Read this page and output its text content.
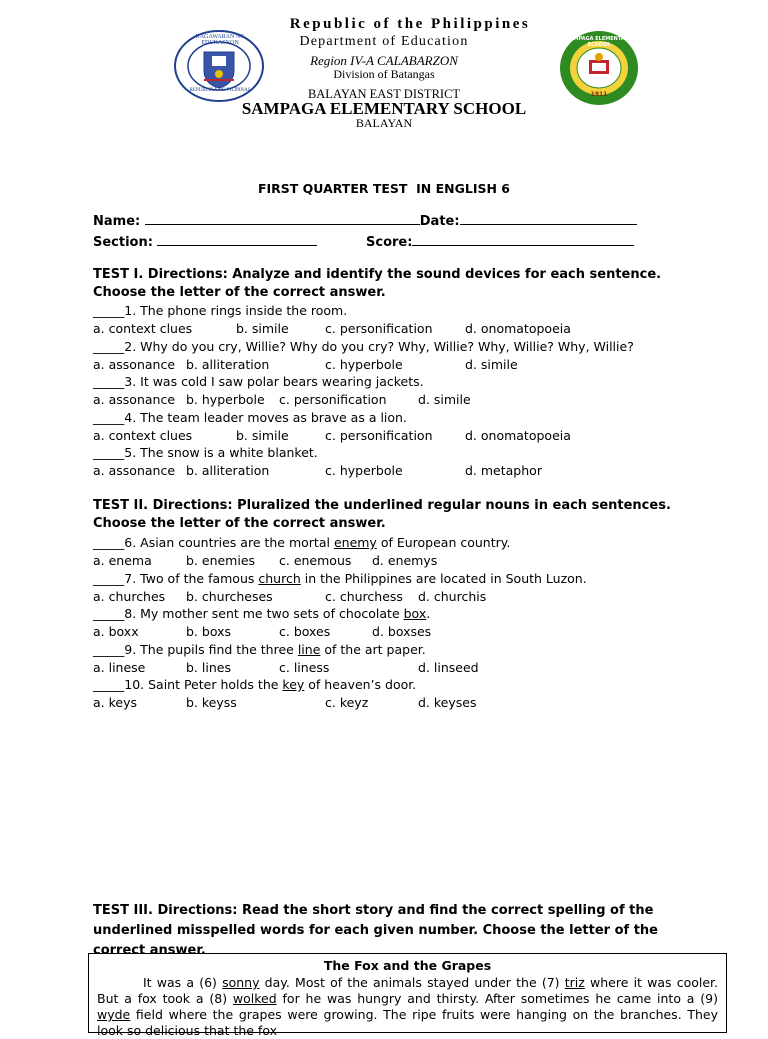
KAGAWARAN NG EDUKASYON
REPUBLIKA NG PILIPINAS
SAMPAGA ELEMENTARY SCHOOL
1911
Republic of the Philippines
Department of Education
Region IV-A CALABARZON
Division of Batangas
BALAYAN EAST DISTRICT
SAMPAGA ELEMENTARY SCHOOL
BALAYAN
FIRST QUARTER TEST  IN ENGLISH 6
Name:	Date:
Section:	Score:
TEST I. Directions: Analyze and identify the sound devices for each sentence. Choose the letter of the correct answer.
_____1. The phone rings inside the room.
a. context clues	b. simile	c. personification	d. onomatopoeia
_____2. Why do you cry, Willie? Why do you cry? Why, Willie? Why, Willie? Why, Willie?
a. assonance b. alliteration	c. hyperbole	d. simile
_____3. It was cold I saw polar bears wearing jackets.
a. assonance b. hyperbole c. personification	d. simile
_____4. The team leader moves as brave as a lion.
a. context clues	b. simile	c. personification	d. onomatopoeia
_____5. The snow is a white blanket.
a. assonance b. alliteration	c. hyperbole	d. metaphor
TEST II. Directions: Pluralized the underlined regular nouns in each sentences. Choose the letter of the correct answer.
_____6. Asian countries are the mortal enemy of European country.
a. enema	b. enemies c. enemous d. enemys
_____7. Two of the famous church in the Philippines are located in South Luzon.
a. churches b. churcheses	c. churchess d. churchis
_____8. My mother sent me two sets of chocolate box.
a. boxx	b. boxs	c. boxes	d. boxses
_____9. The pupils find the three line of the art paper.
a. linese	b. lines	c. liness	d. linseed
_____10. Saint Peter holds the key of heaven’s door.
a. keys	b. keyss	c. keyz	d. keyses
TEST III. Directions: Read the short story and find the correct spelling of the underlined misspelled words for each given number. Choose the letter of the correct answer.
The Fox and the Grapes

It was a (6) sonny day. Most of the animals stayed under the (7) triz where it was cooler. But a fox took a (8) wolked for he was hungry and thirsty. After sometimes he came into a (9) wyde field where the grapes were growing. The ripe fruits were hanging on the branches. They look so delicious that the fox
